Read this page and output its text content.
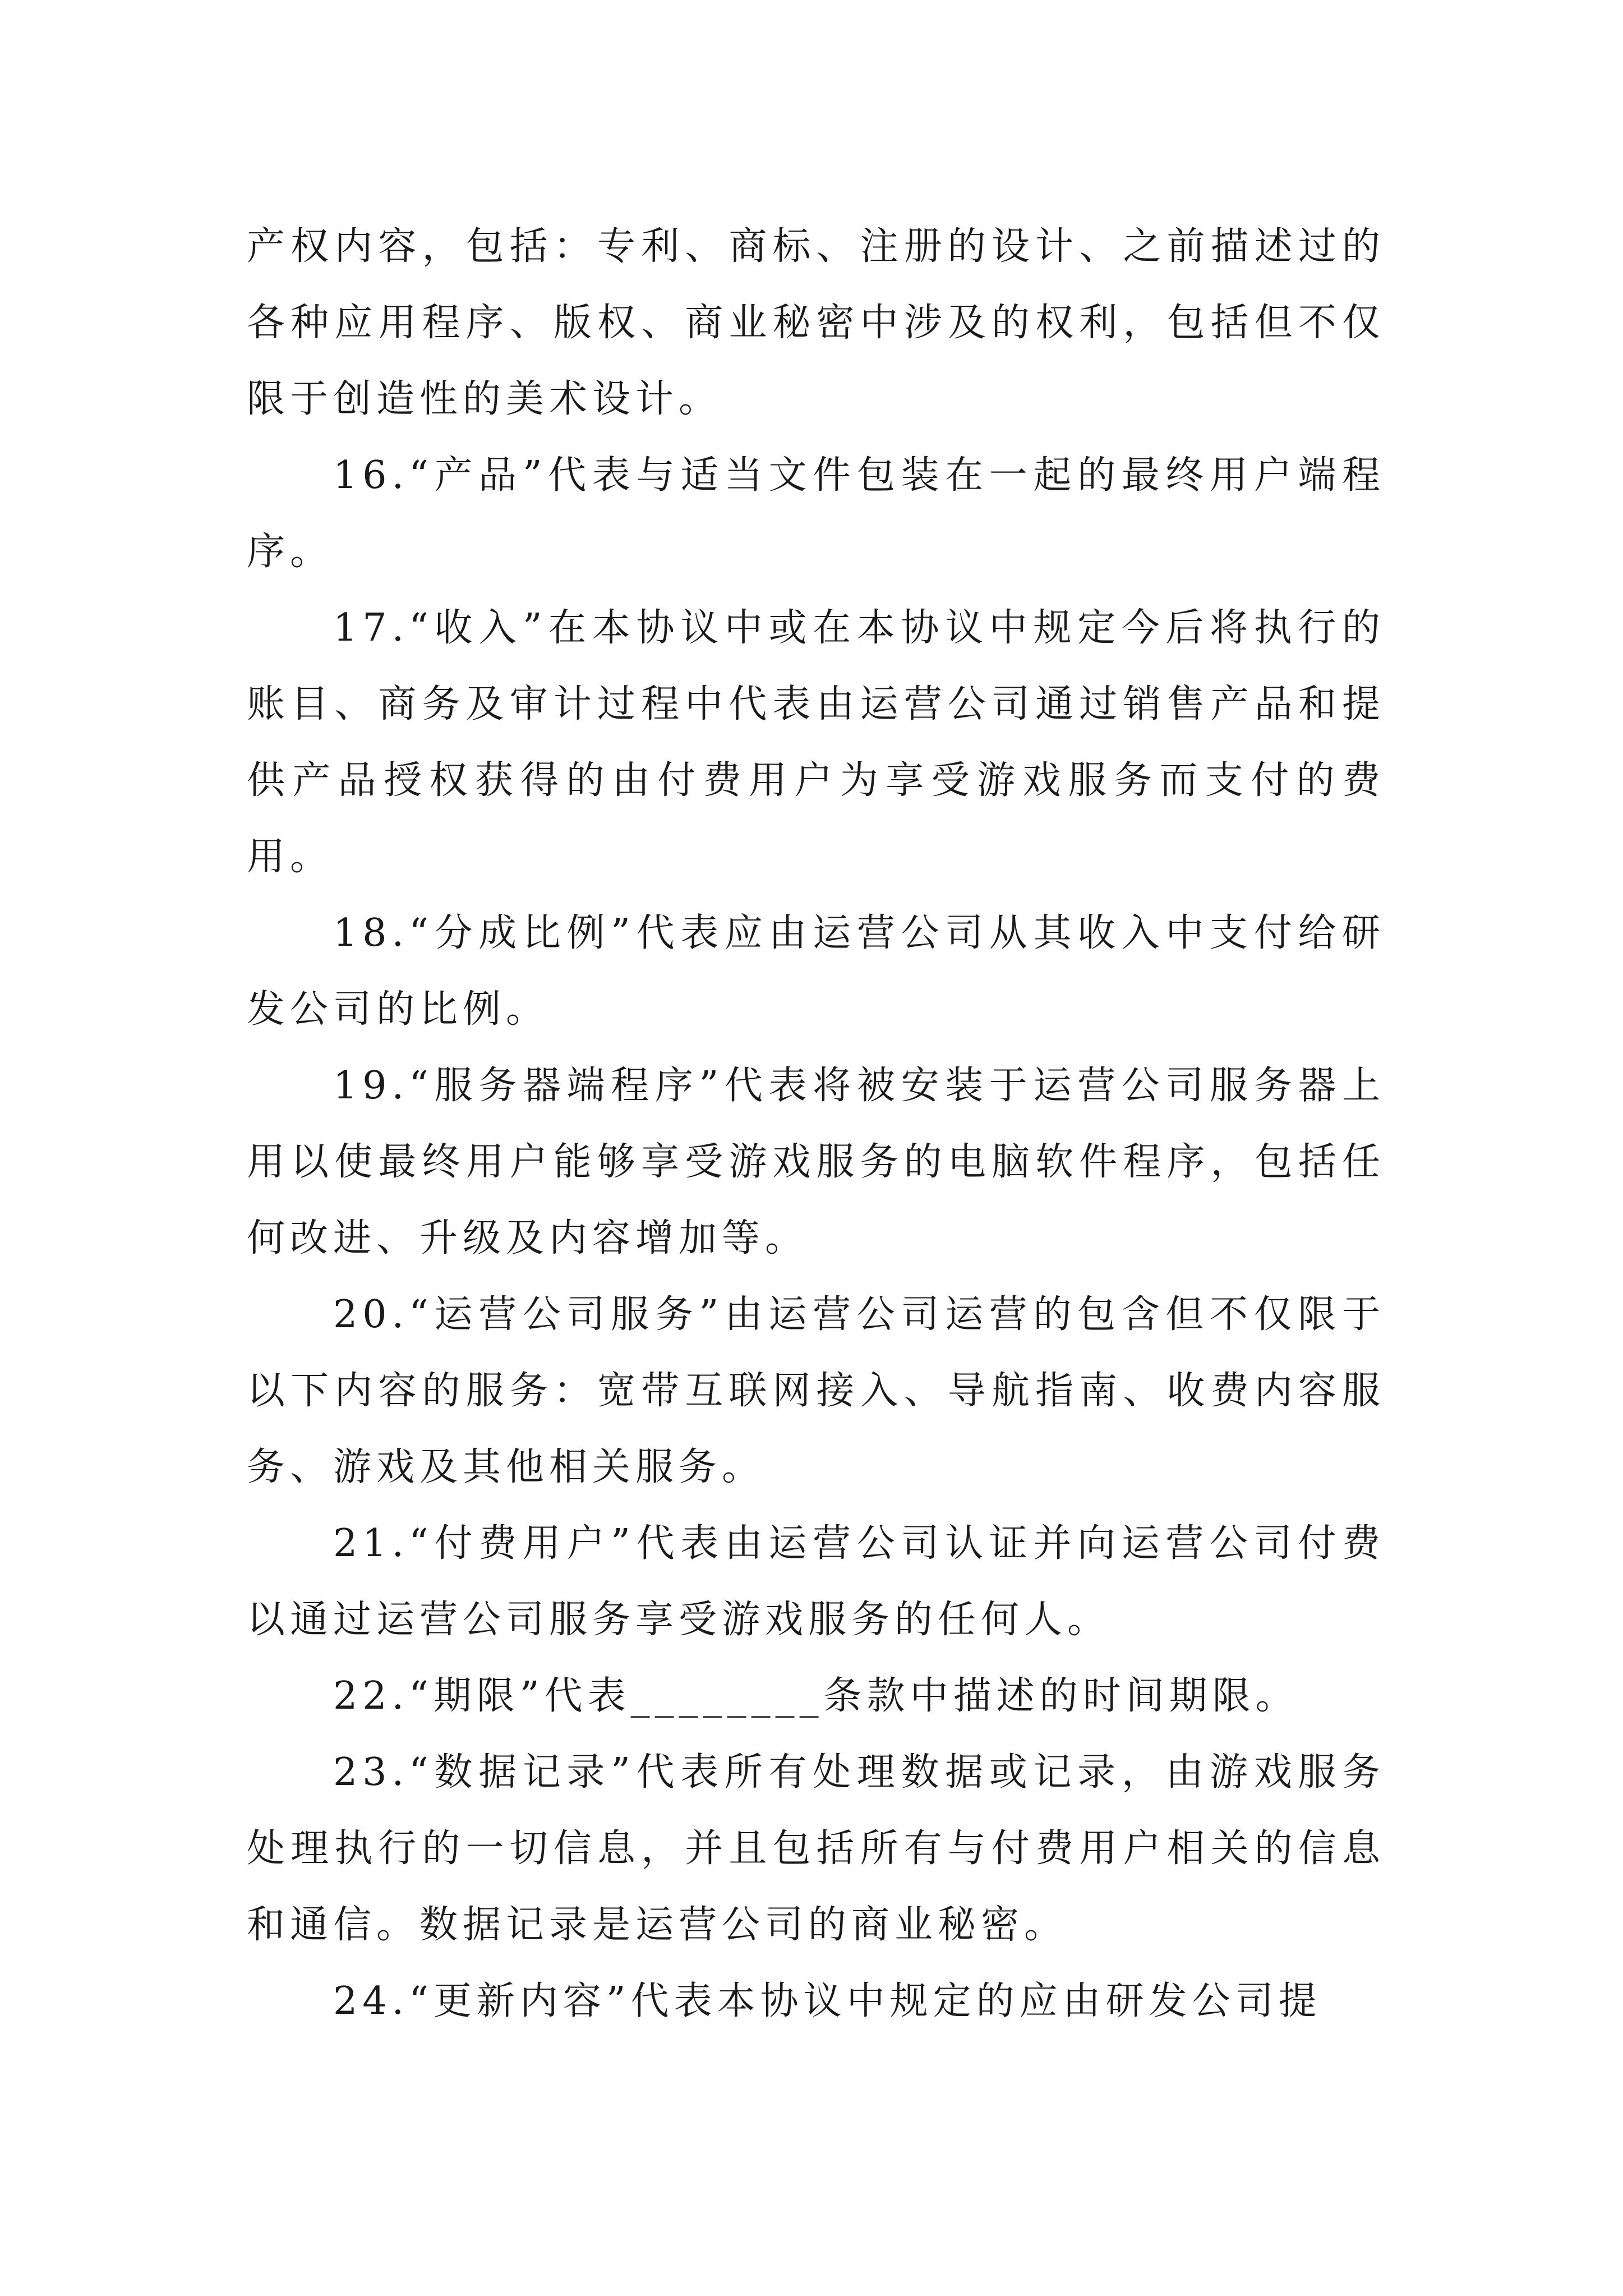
产权内容，包括：专利、商标、注册的设计、之前描述过的各种应用程序、版权、商业秘密中涉及的权利，包括但不仅限于创造性的美术设计。

16.“产品”代表与适当文件包装在一起的最终用户端程序。

17.“收入”在本协议中或在本协议中规定今后将执行的账目、商务及审计过程中代表由运营公司通过销售产品和提供产品授权获得的由付费用户为享受游戏服务而支付的费用。

18.“分成比例”代表应由运营公司从其收入中支付给研发公司的比例。

19.“服务器端程序”代表将被安装于运营公司服务器上用以使最终用户能够享受游戏服务的电脑软件程序，包括任何改进、升级及内容增加等。

20.“运营公司服务”由运营公司运营的包含但不仅限于以下内容的服务：宽带互联网接入、导航指南、收费内容服务、游戏及其他相关服务。

21.“付费用户”代表由运营公司认证并向运营公司付费以通过运营公司服务享受游戏服务的任何人。

22.“期限”代表________条款中描述的时间期限。

23.“数据记录”代表所有处理数据或记录，由游戏服务处理执行的一切信息，并且包括所有与付费用户相关的信息和通信。数据记录是运营公司的商业秘密。

24.“更新内容”代表本协议中规定的应由研发公司提
